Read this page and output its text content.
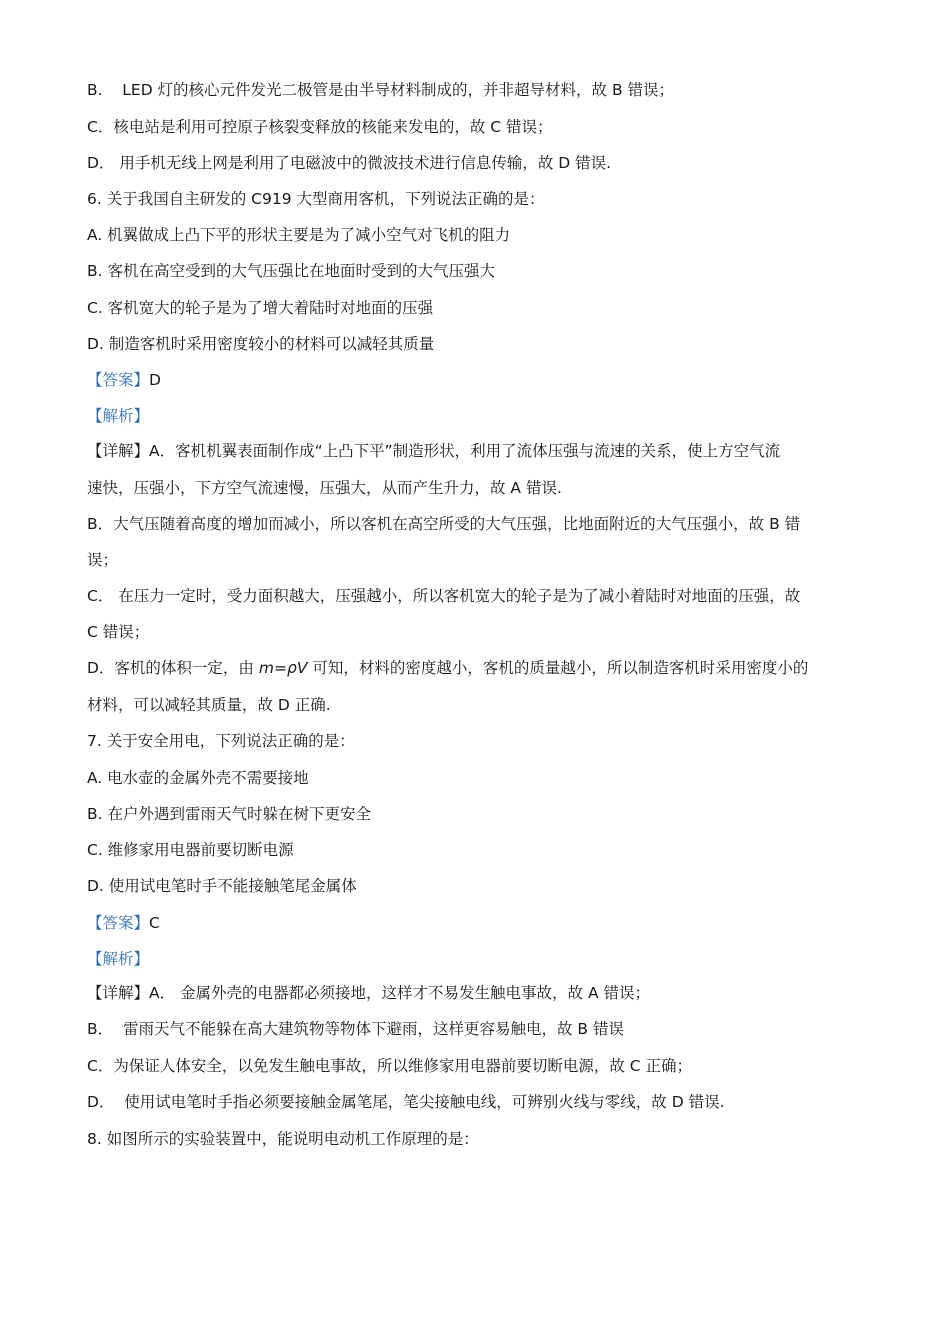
B.    LED 灯的核心元件发光二极管是由半导材料制成的，并非超导材料，故 B 错误；
C．核电站是利用可控原子核裂变释放的核能来发电的，故 C 错误；
D． 用手机无线上网是利用了电磁波中的微波技术进行信息传输，故 D 错误.
6. 关于我国自主研发的 C919 大型商用客机，下列说法正确的是：
A. 机翼做成上凸下平的形状主要是为了减小空气对飞机的阻力
B. 客机在高空受到的大气压强比在地面时受到的大气压强大
C. 客机宽大的轮子是为了增大着陆时对地面的压强
D. 制造客机时采用密度较小的材料可以减轻其质量
【答案】D
【解析】
【详解】A．客机机翼表面制作成“上凸下平”制造形状，利用了流体压强与流速的关系，使上方空气流
速快，压强小，下方空气流速慢，压强大，从而产生升力，故 A 错误.
B．大气压随着高度的增加而减小，所以客机在高空所受的大气压强，比地面附近的大气压强小，故 B 错
误；
C． 在压力一定时，受力面积越大，压强越小，所以客机宽大的轮子是为了减小着陆时对地面的压强，故
C 错误；
D．客机的体积一定，由 m=ρV 可知，材料的密度越小，客机的质量越小，所以制造客机时采用密度小的
材料，可以减轻其质量，故 D 正确.
7. 关于安全用电，下列说法正确的是：
A. 电水壶的金属外壳不需要接地
B. 在户外遇到雷雨天气时躲在树下更安全
C. 维修家用电器前要切断电源
D. 使用试电笔时手不能接触笔尾金属体
【答案】C
【解析】
【详解】A． 金属外壳的电器都必须接地，这样才不易发生触电事故，故 A 错误；
B．  雷雨天气不能躲在高大建筑物等物体下避雨，这样更容易触电，故 B 错误
C．为保证人体安全，以免发生触电事故，所以维修家用电器前要切断电源，故 C 正确；
D．  使用试电笔时手指必须要接触金属笔尾，笔尖接触电线，可辨别火线与零线，故 D 错误.
8. 如图所示的实验装置中，能说明电动机工作原理的是：
